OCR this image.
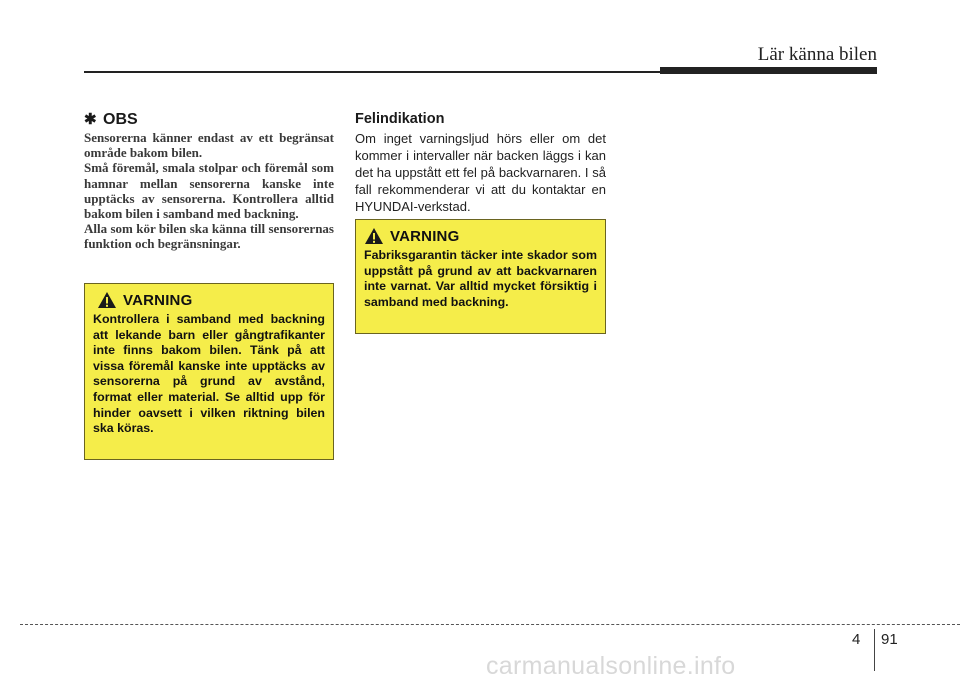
Lär känna bilen
✱ OBS

Sensorerna känner endast av ett begränsat område bakom bilen.

Små föremål, smala stolpar och föremål som hamnar mellan sensorerna kanske inte upptäcks av sensorerna. Kontrollera alltid bakom bilen i samband med backning.

Alla som kör bilen ska känna till sensorernas funktion och begränsningar.

VARNING

Kontrollera i samband med backning att lekande barn eller gångtrafikanter inte finns bakom bilen. Tänk på att vissa föremål kanske inte upptäcks av sensorerna på grund av avstånd, format eller material. Se alltid upp för hinder oavsett i vilken riktning bilen ska köras.

Felindikation

Om inget varningsljud hörs eller om det kommer i intervaller när backen läggs i kan det ha uppstått ett fel på backvarnaren. I så fall rekommenderar vi att du kontaktar en HYUNDAI-verkstad.

VARNING

Fabriksgarantin täcker inte skador som uppstått på grund av att backvarnaren inte varnat. Var alltid mycket försiktig i samband med backning.

4 91
carmanualsonline.info
